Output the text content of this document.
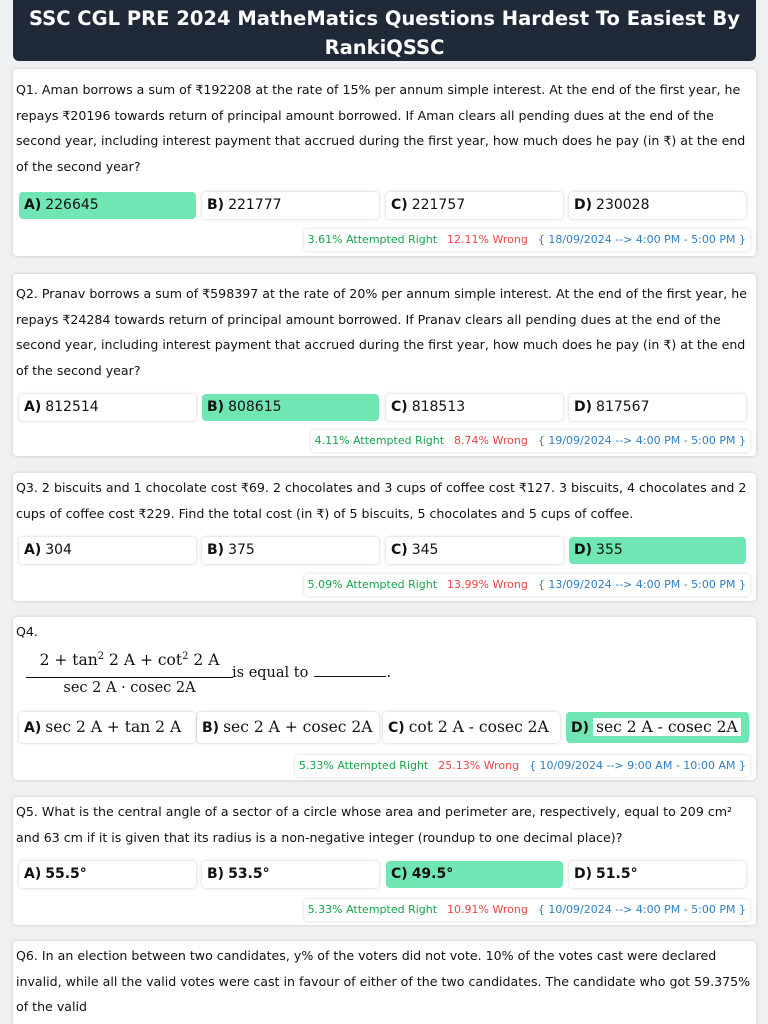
SSC CGL PRE 2024 MatheMatics Questions Hardest To Easiest By RankiQSSC
Q1. Aman borrows a sum of ₹192208 at the rate of 15% per annum simple interest. At the end of the first year, he repays ₹20196 towards return of principal amount borrowed. If Aman clears all pending dues at the end of the second year, including interest payment that accrued during the first year, how much does he pay (in ₹) at the end of the second year?
A) 226645	B) 221777	C) 221757	D) 230028
3.61% Attempted Right 12.11% Wrong { 18/09/2024 --> 4:00 PM - 5:00 PM }
Q2. Pranav borrows a sum of ₹598397 at the rate of 20% per annum simple interest. At the end of the first year, he repays ₹24284 towards return of principal amount borrowed. If Pranav clears all pending dues at the end of the second year, including interest payment that accrued during the first year, how much does he pay (in ₹) at the end of the second year?
A) 812514	B) 808615	C) 818513	D) 817567
4.11% Attempted Right 8.74% Wrong { 19/09/2024 --> 4:00 PM - 5:00 PM }
Q3. 2 biscuits and 1 chocolate cost ₹69. 2 chocolates and 3 cups of coffee cost ₹127. 3 biscuits, 4 chocolates and 2 cups of coffee cost ₹229. Find the total cost (in ₹) of 5 biscuits, 5 chocolates and 5 cups of coffee.
A) 304	B) 375	C) 345	D) 355
5.09% Attempted Right 13.99% Wrong { 13/09/2024 --> 4:00 PM - 5:00 PM }
Q4.
$2 + \tan^2 2$ $A + \cot^2 2$ A
sec 2 A · cosec 2A
is equal to	.
A) sec 2 A + tan 2 A	B) sec 2 A + cosec 2A	C) cot 2 A - cosec 2A	D) sec 2 A - cosec 2A
5.33% Attempted Right 25.13% Wrong { 10/09/2024 --> 9:00 AM - 10:00 AM }
Q5. What is the central angle of a sector of a circle whose area and perimeter are, respectively, equal to 209 cm² and 63 cm if it is given that its radius is a non-negative integer (roundup to one decimal place)?
A) 55.5°	B) 53.5°	C) 49.5°	D) 51.5°
5.33% Attempted Right 10.91% Wrong { 10/09/2024 --> 4:00 PM - 5:00 PM }
Q6. In an election between two candidates, y% of the voters did not vote. 10% of the votes cast were declared invalid, while all the valid votes were cast in favour of either of the two candidates. The candidate who got 59.375% of the valid
